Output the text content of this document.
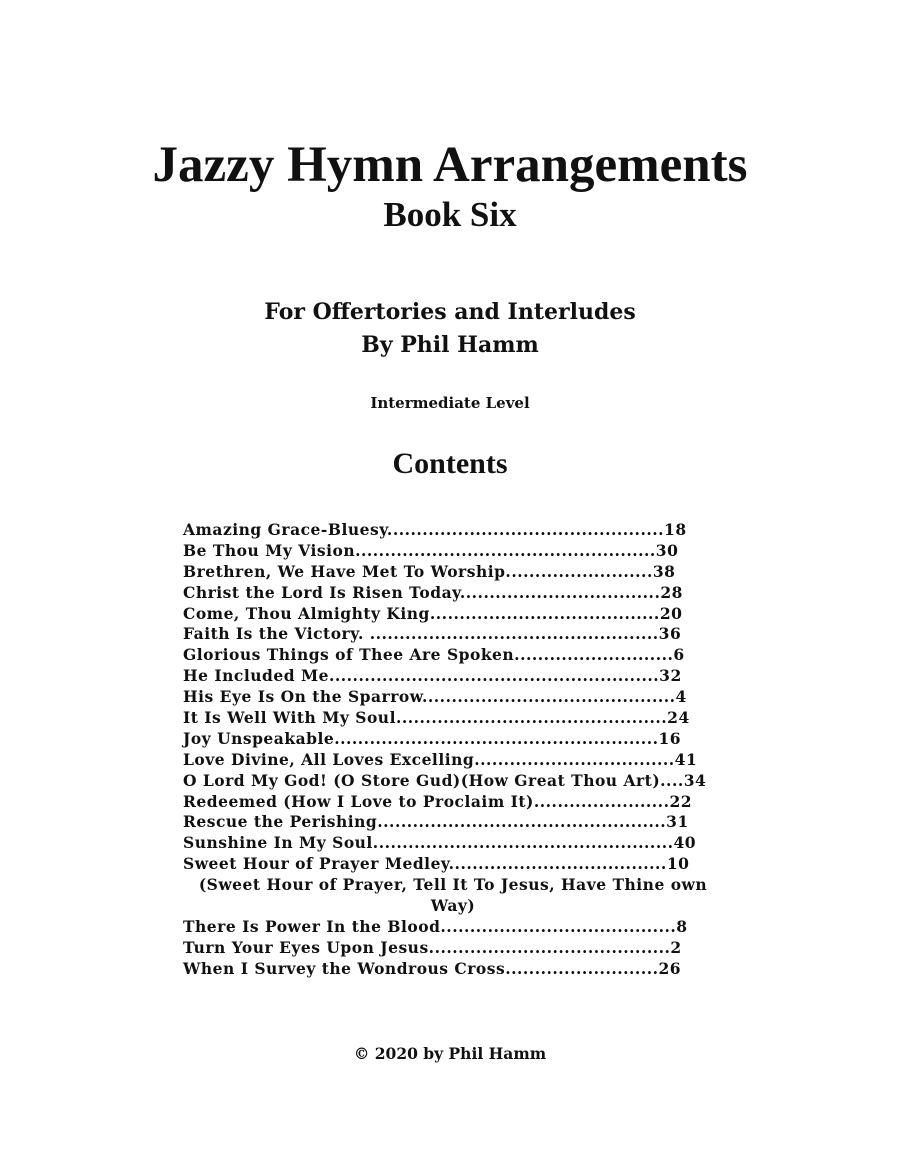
Jazzy Hymn Arrangements
Book Six
For Offertories and Interludes
By Phil Hamm
Intermediate Level
Contents
Amazing Grace-Bluesy...............................................18
Be Thou My Vision...................................................30
Brethren, We Have Met To Worship.........................38
Christ the Lord Is Risen Today..................................28
Come, Thou Almighty King.......................................20
Faith Is the Victory. .................................................36
Glorious Things of Thee Are Spoken...........................6
He Included Me........................................................32
His Eye Is On the Sparrow...........................................4
It Is Well With My Soul..............................................24
Joy Unspeakable.......................................................16
Love Divine, All Loves Excelling..................................41
O Lord My God! (O Store Gud)(How Great Thou Art)....34
Redeemed (How I Love to Proclaim It).......................22
Rescue the Perishing.................................................31
Sunshine In My Soul...................................................40
Sweet Hour of Prayer Medley.....................................10
(Sweet Hour of Prayer, Tell It To Jesus, Have Thine own Way)
There Is Power In the Blood........................................8
Turn Your Eyes Upon Jesus.........................................2
When I Survey the Wondrous Cross..........................26
© 2020 by Phil Hamm
